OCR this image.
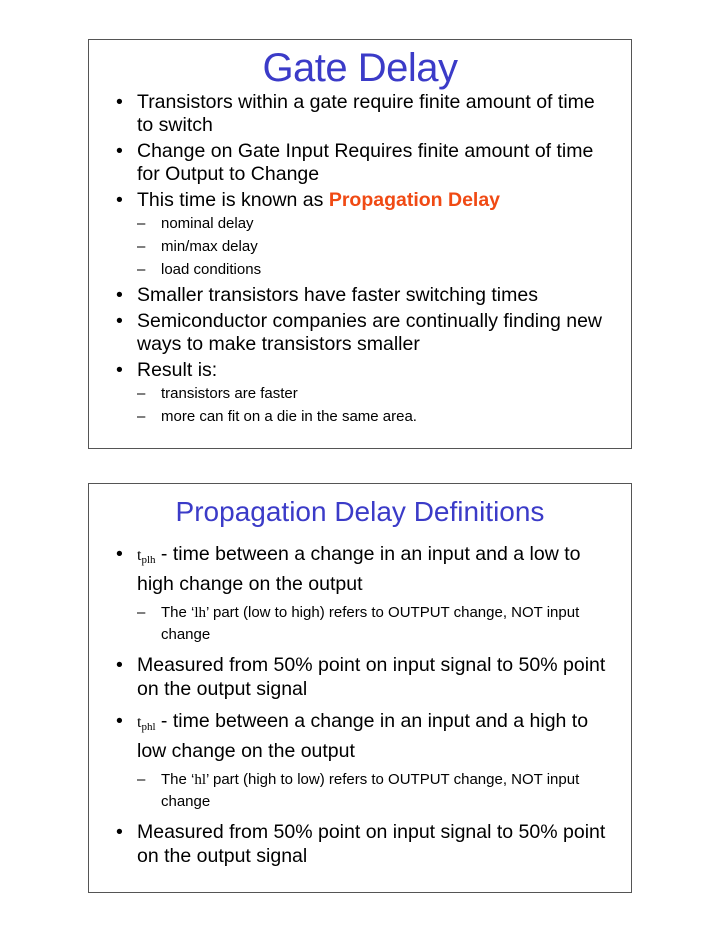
Gate Delay
• Transistors within a gate require finite amount of time to switch
• Change on Gate Input Requires finite amount of time for Output to Change
• This time is known as Propagation Delay
– nominal delay
– min/max delay
– load conditions
• Smaller transistors have faster switching times
• Semiconductor companies are continually finding new ways to make transistors smaller
• Result is:
– transistors are faster
– more can fit on a die in the same area.
Propagation Delay Definitions
• tplh - time between a change in an input and a low to high change on the output
– The ‘lh’ part (low to high) refers to OUTPUT change, NOT input change
• Measured from 50% point on input signal to 50% point on the output signal
• tphl - time between a change in an input and a high to low change on the output
– The ‘hl’ part (high to low) refers to OUTPUT change, NOT input change
• Measured from 50% point on input signal to 50% point on the output signal
